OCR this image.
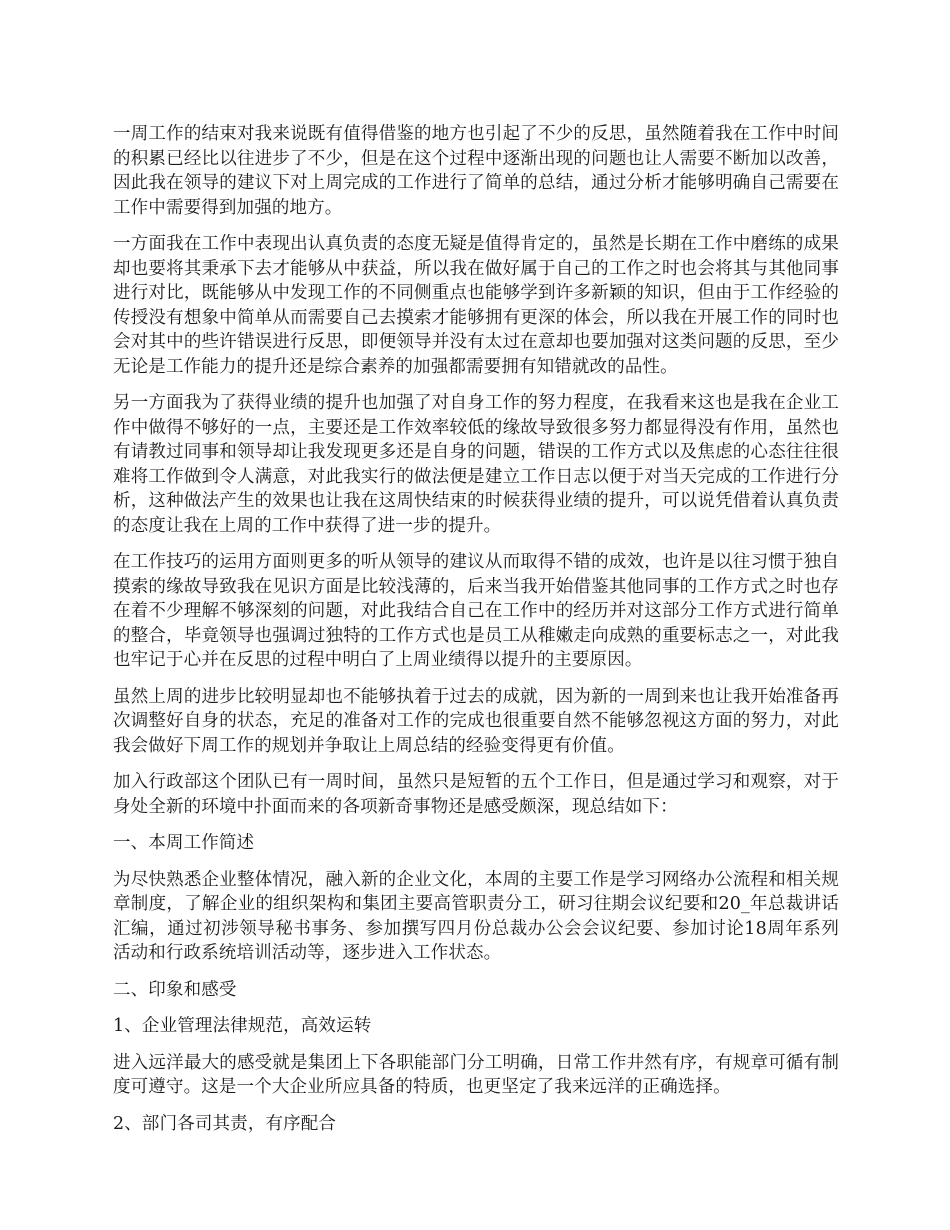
一周工作的结束对我来说既有值得借鉴的地方也引起了不少的反思，虽然随着我在工作中时间的积累已经比以往进步了不少，但是在这个过程中逐渐出现的问题也让人需要不断加以改善，因此我在领导的建议下对上周完成的工作进行了简单的总结，通过分析才能够明确自己需要在工作中需要得到加强的地方。

一方面我在工作中表现出认真负责的态度无疑是值得肯定的，虽然是长期在工作中磨练的成果却也要将其秉承下去才能够从中获益，所以我在做好属于自己的工作之时也会将其与其他同事进行对比，既能够从中发现工作的不同侧重点也能够学到许多新颖的知识，但由于工作经验的传授没有想象中简单从而需要自己去摸索才能够拥有更深的体会，所以我在开展工作的同时也会对其中的些许错误进行反思，即便领导并没有太过在意却也要加强对这类问题的反思，至少无论是工作能力的提升还是综合素养的加强都需要拥有知错就改的品性。

另一方面我为了获得业绩的提升也加强了对自身工作的努力程度，在我看来这也是我在企业工作中做得不够好的一点，主要还是工作效率较低的缘故导致很多努力都显得没有作用，虽然也有请教过同事和领导却让我发现更多还是自身的问题，错误的工作方式以及焦虑的心态往往很难将工作做到令人满意，对此我实行的做法便是建立工作日志以便于对当天完成的工作进行分析，这种做法产生的效果也让我在这周快结束的时候获得业绩的提升，可以说凭借着认真负责的态度让我在上周的工作中获得了进一步的提升。

在工作技巧的运用方面则更多的听从领导的建议从而取得不错的成效，也许是以往习惯于独自摸索的缘故导致我在见识方面是比较浅薄的，后来当我开始借鉴其他同事的工作方式之时也存在着不少理解不够深刻的问题，对此我结合自己在工作中的经历并对这部分工作方式进行简单的整合，毕竟领导也强调过独特的工作方式也是员工从稚嫩走向成熟的重要标志之一，对此我也牢记于心并在反思的过程中明白了上周业绩得以提升的主要原因。

虽然上周的进步比较明显却也不能够执着于过去的成就，因为新的一周到来也让我开始准备再次调整好自身的状态，充足的准备对工作的完成也很重要自然不能够忽视这方面的努力，对此我会做好下周工作的规划并争取让上周总结的经验变得更有价值。

加入行政部这个团队已有一周时间，虽然只是短暂的五个工作日，但是通过学习和观察，对于身处全新的环境中扑面而来的各项新奇事物还是感受颇深，现总结如下：

一、本周工作简述

为尽快熟悉企业整体情况，融入新的企业文化，本周的主要工作是学习网络办公流程和相关规章制度，了解企业的组织架构和集团主要高管职责分工，研习往期会议纪要和20_年总裁讲话汇编，通过初涉领导秘书事务、参加撰写四月份总裁办公会会议纪要、参加讨论18周年系列活动和行政系统培训活动等，逐步进入工作状态。

二、印象和感受

1、企业管理法律规范，高效运转

进入远洋最大的感受就是集团上下各职能部门分工明确，日常工作井然有序，有规章可循有制度可遵守。这是一个大企业所应具备的特质，也更坚定了我来远洋的正确选择。

2、部门各司其责，有序配合
